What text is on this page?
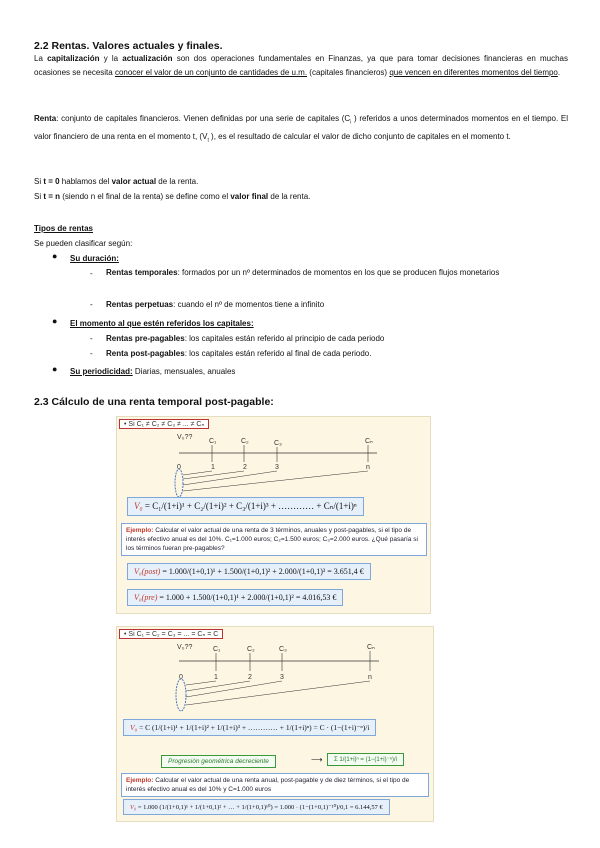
2.2 Rentas. Valores actuales y finales.
La capitalización y la actualización son dos operaciones fundamentales en Finanzas, ya que para tomar decisiones financieras en muchas ocasiones se necesita conocer el valor de un conjunto de cantidades de u.m. (capitales financieros) que vencen en diferentes momentos del tiempo.
Renta: conjunto de capitales financieros. Vienen definidas por una serie de capitales ($C_i$ ) referidos a unos determinados momentos en el tiempo. El valor financiero de una renta en el momento t, ($V_t$ ), es el resultado de calcular el valor de dicho conjunto de capitales en el momento t.
Si t = 0 hablamos del valor actual de la renta.
Si t = n (siendo n el final de la renta) se define como el valor final de la renta.
Tipos de rentas
Se pueden clasificar según:
● Su duración:
- Rentas temporales: formados por un nº determinados de momentos en los que se producen flujos monetarios
- Rentas perpetuas: cuando el nº de momentos tiene a infinito
● El momento al que estén referidos los capitales:
- Rentas pre-pagables: los capitales están referido al principio de cada periodo
- Renta post-pagables: los capitales están referido al final de cada periodo.
● Su periodicidad: Diarias, mensuales, anuales
2.3 Cálculo de una renta temporal post-pagable:
• Si C₁ ≠ C₂ ≠ C₃ ≠ ... ≠ Cₙ
V₀??
C₁	C₂	C₃	Cₙ
0	1	2	3	n
V₀ = C₁/(1+i)¹ + C₂/(1+i)² + C₃/(1+i)³ + ………… + Cₙ/(1+i)ⁿ
Ejemplo: Calcular el valor actual de una renta de 3 términos, anuales y post-pagables, si el tipo de interés efectivo anual es del 10%. C₁=1.000 euros; C₂=1.500 euros; C₃=2.000 euros. ¿Qué pasaría si los términos fueran pre-pagables?
V₀(post) = 1.000/(1+0,1)¹ + 1.500/(1+0,1)² + 2.000/(1+0,1)³ = 3.651,4 €
V₀(pre) = 1.000 + 1.500/(1+0,1)¹ + 2.000/(1+0,1)² = 4.016,53 €
• Si C₁ = C₂ = C₃ = ... = Cₙ = C
V₀??	C₁	C₂	C₃	Cₙ
0	1	2	3	n
V₀ = C (1/(1+i)¹ + 1/(1+i)² + 1/(1+i)³ + ………… + 1/(1+i)ⁿ) = C · (1−(1+i)⁻ⁿ)/i
Progresión geométrica decreciente	⟶	Σ 1/(1+i)ⁿ = (1−(1+i)⁻ⁿ)/i
Ejemplo: Calcular el valor actual de una renta anual, post-pagable y de diez términos, si el tipo de interés efectivo anual es del 10% y C=1.000 euros
V₀ = 1.000 (1/(1+0,1)¹ + 1/(1+0,1)² + … + 1/(1+0,1)¹⁰) = 1.000 · (1−(1+0,1)⁻¹⁰)/0,1 = 6.144,57 €
